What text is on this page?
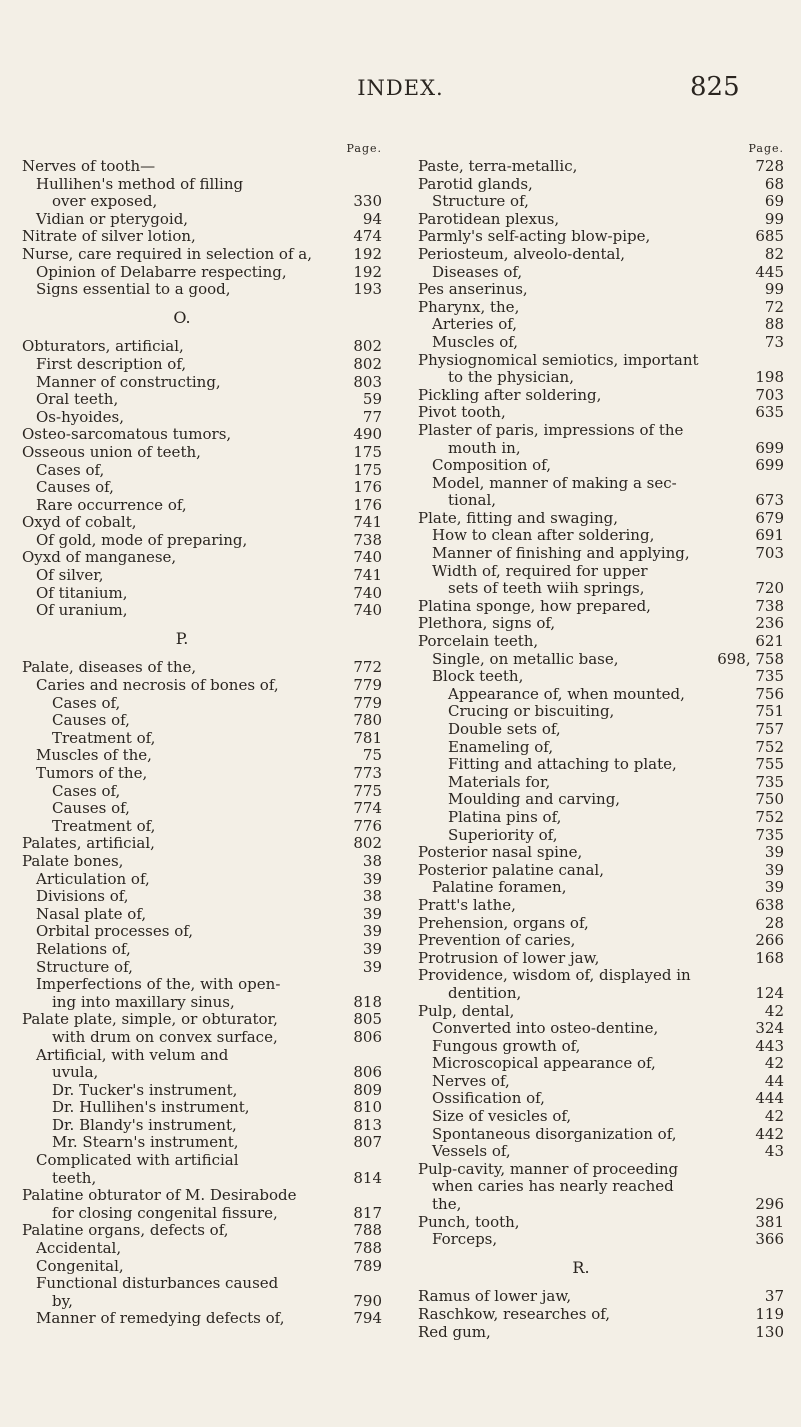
INDEX.	825
Page.
Nerves of tooth—
Hullihen's method of filling
over exposed,	330
Vidian or pterygoid,	94
Nitrate of silver lotion,	474
Nurse, care required in selection of a,	192
Opinion of Delabarre respecting,	192
Signs essential to a good,	193
O.
Obturators, artificial,	802
First description of,	802
Manner of constructing,	803
Oral teeth,	59
Os-hyoides,	77
Osteo-sarcomatous tumors,	490
Osseous union of teeth,	175
Cases of,	175
Causes of,	176
Rare occurrence of,	176
Oxyd of cobalt,	741
Of gold, mode of preparing,	738
Oyxd of manganese,	740
Of silver,	741
Of titanium,	740
Of uranium,	740
P.
Palate, diseases of the,	772
Caries and necrosis of bones of,	779
Cases of,	779
Causes of,	780
Treatment of,	781
Muscles of the,	75
Tumors of the,	773
Cases of,	775
Causes of,	774
Treatment of,	776
Palates, artificial,	802
Palate bones,	38
Articulation of,	39
Divisions of,	38
Nasal plate of,	39
Orbital processes of,	39
Relations of,	39
Structure of,	39
Imperfections of the, with open-
ing into maxillary sinus,	818
Palate plate, simple, or obturator,	805
with drum on convex surface,	806
Artificial, with velum and
uvula,	806
Dr. Tucker's instrument,	809
Dr. Hullihen's instrument,	810
Dr. Blandy's instrument,	813
Mr. Stearn's instrument,	807
Complicated with artificial
teeth,	814
Palatine obturator of M. Desirabode
for closing congenital fissure,	817
Palatine organs, defects of,	788
Accidental,	788
Congenital,	789
Functional disturbances caused
by,	790
Manner of remedying defects of,	794
Page.
Paste, terra-metallic,	728
Parotid glands,	68
Structure of,	69
Parotidean plexus,	99
Parmly's self-acting blow-pipe,	685
Periosteum, alveolo-dental,	82
Diseases of,	445
Pes anserinus,	99
Pharynx, the,	72
Arteries of,	88
Muscles of,	73
Physiognomical semiotics, important
to the physician,	198
Pickling after soldering,	703
Pivot tooth,	635
Plaster of paris, impressions of the
mouth in,	699
Composition of,	699
Model, manner of making a sec-
tional,	673
Plate, fitting and swaging,	679
How to clean after soldering,	691
Manner of finishing and applying,	703
Width of, required for upper
sets of teeth wiih springs,	720
Platina sponge, how prepared,	738
Plethora, signs of,	236
Porcelain teeth,	621
Single, on metallic base,	698, 758
Block teeth,	735
Appearance of, when mounted,	756
Crucing or biscuiting,	751
Double sets of,	757
Enameling of,	752
Fitting and attaching to plate,	755
Materials for,	735
Moulding and carving,	750
Platina pins of,	752
Superiority of,	735
Posterior nasal spine,	39
Posterior palatine canal,	39
Palatine foramen,	39
Pratt's lathe,	638
Prehension, organs of,	28
Prevention of caries,	266
Protrusion of lower jaw,	168
Providence, wisdom of, displayed in
dentition,	124
Pulp, dental,	42
Converted into osteo-dentine,	324
Fungous growth of,	443
Microscopical appearance of,	42
Nerves of,	44
Ossification of,	444
Size of vesicles of,	42
Spontaneous disorganization of,	442
Vessels of,	43
Pulp-cavity, manner of proceeding
when caries has nearly reached
the,	296
Punch, tooth,	381
Forceps,	366
R.
Ramus of lower jaw,	37
Raschkow, researches of,	119
Red gum,	130
